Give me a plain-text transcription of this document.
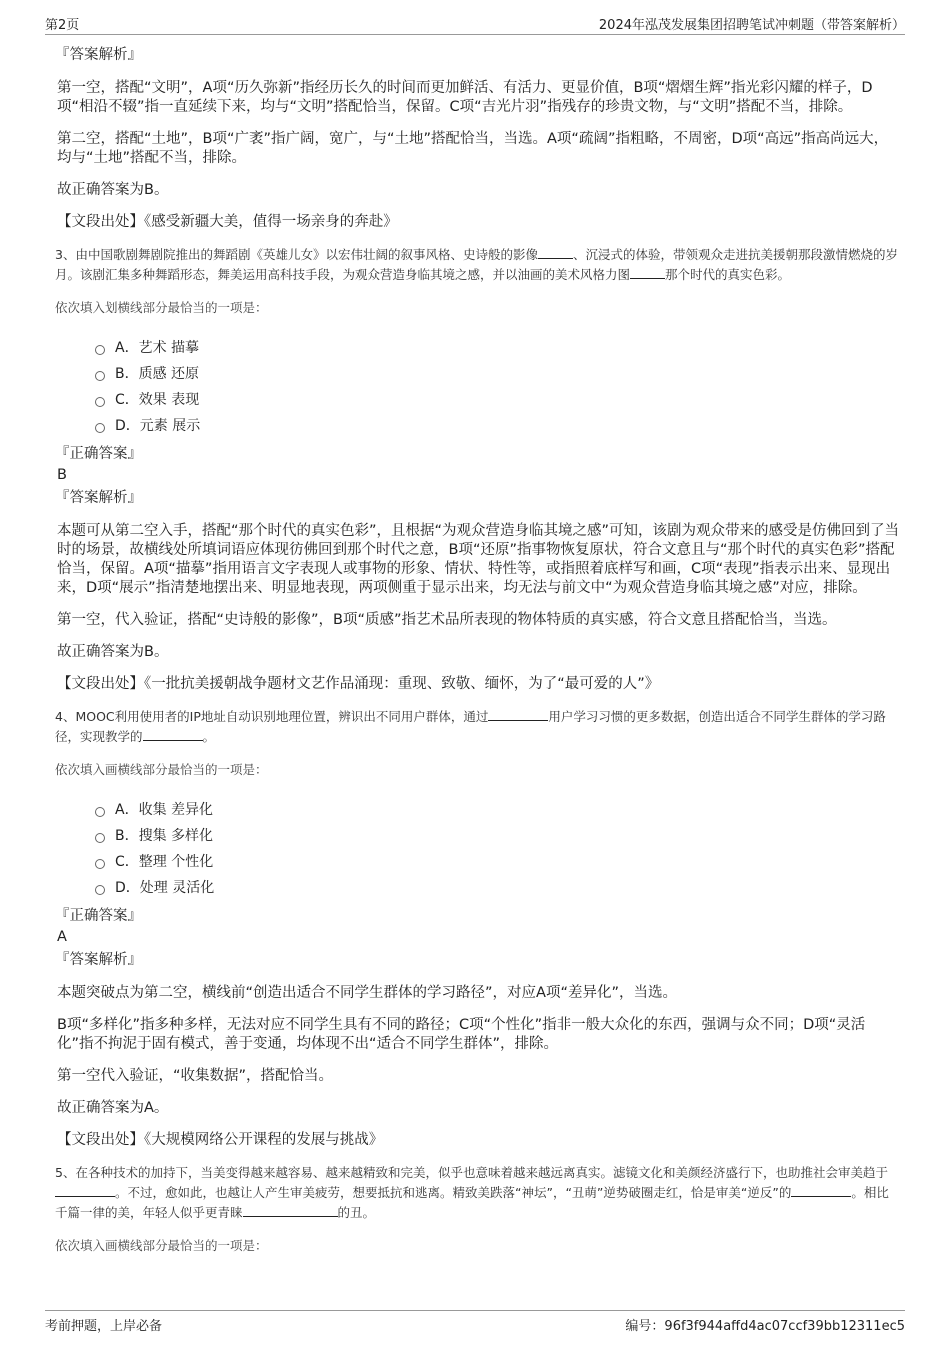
第2页	2024年泓茂发展集团招聘笔试冲刺题（带答案解析）
『答案解析』

第一空，搭配“文明”，A项“历久弥新”指经历长久的时间而更加鲜活、有活力、更显价值，B项“熠熠生辉”指光彩闪耀的样子，D项“相沿不辍”指一直延续下来，均与“文明”搭配恰当，保留。C项“吉光片羽”指残存的珍贵文物，与“文明”搭配不当，排除。

第二空，搭配“土地”，B项“广袤”指广阔，宽广，与“土地”搭配恰当，当选。A项“疏阔”指粗略，不周密，D项“高远”指高尚远大，均与“土地”搭配不当，排除。

故正确答案为B。

【文段出处】《感受新疆大美，值得一场亲身的奔赴》

3、由中国歌剧舞剧院推出的舞蹈剧《英雄儿女》以宏伟壮阔的叙事风格、史诗般的影像	、沉浸式的体验，带领观众走进抗美援朝那段激情燃烧的岁月。该剧汇集多种舞蹈形态，舞美运用高科技手段，为观众营造身临其境之感，并以油画的美术风格力图	那个时代的真实色彩。
依次填入划横线部分最恰当的一项是：
A．艺术 描摹
B．质感 还原
C．效果 表现
D．元素 展示
『正确答案』
B
『答案解析』

本题可从第二空入手，搭配“那个时代的真实色彩”，且根据“为观众营造身临其境之感”可知，该剧为观众带来的感受是仿佛回到了当时的场景，故横线处所填词语应体现彷佛回到那个时代之意，B项“还原”指事物恢复原状，符合文意且与“那个时代的真实色彩”搭配恰当，保留。A项“描摹”指用语言文字表现人或事物的形象、情状、特性等，或指照着底样写和画，C项“表现”指表示出来、显现出来，D项“展示”指清楚地摆出来、明显地表现，两项侧重于显示出来，均无法与前文中“为观众营造身临其境之感”对应，排除。

第一空，代入验证，搭配“史诗般的影像”，B项“质感”指艺术品所表现的物体特质的真实感，符合文意且搭配恰当，当选。

故正确答案为B。

【文段出处】《一批抗美援朝战争题材文艺作品涌现：重现、致敬、缅怀，为了“最可爱的人”》

4、MOOC利用使用者的IP地址自动识别地理位置，辨识出不同用户群体，通过	用户学习习惯的更多数据，创造出适合不同学生群体的学习路径，实现教学的	。
依次填入画横线部分最恰当的一项是：
A．收集 差异化
B．搜集 多样化
C．整理 个性化
D．处理 灵活化
『正确答案』
A
『答案解析』

本题突破点为第二空，横线前“创造出适合不同学生群体的学习路径”，对应A项“差异化”，当选。

B项“多样化”指多种多样，无法对应不同学生具有不同的路径；C项“个性化”指非一般大众化的东西，强调与众不同；D项“灵活化”指不拘泥于固有模式，善于变通，均体现不出“适合不同学生群体”，排除。

第一空代入验证，“收集数据”，搭配恰当。

故正确答案为A。

【文段出处】《大规模网络公开课程的发展与挑战》

5、在各种技术的加持下，当美变得越来越容易、越来越精致和完美，似乎也意味着越来越远离真实。滤镜文化和美颜经济盛行下，也助推社会审美趋于。不过，愈如此，也越让人产生审美疲劳，想要抵抗和逃离。精致美跌落“神坛”，“丑萌”逆势破圈走红，恰是审美“逆反”的	。相比千篇一律的美，年轻人似乎更青睐	的丑。
依次填入画横线部分最恰当的一项是：
考前押题，上岸必备	编号：96f3f944affd4ac07ccf39bb12311ec5
